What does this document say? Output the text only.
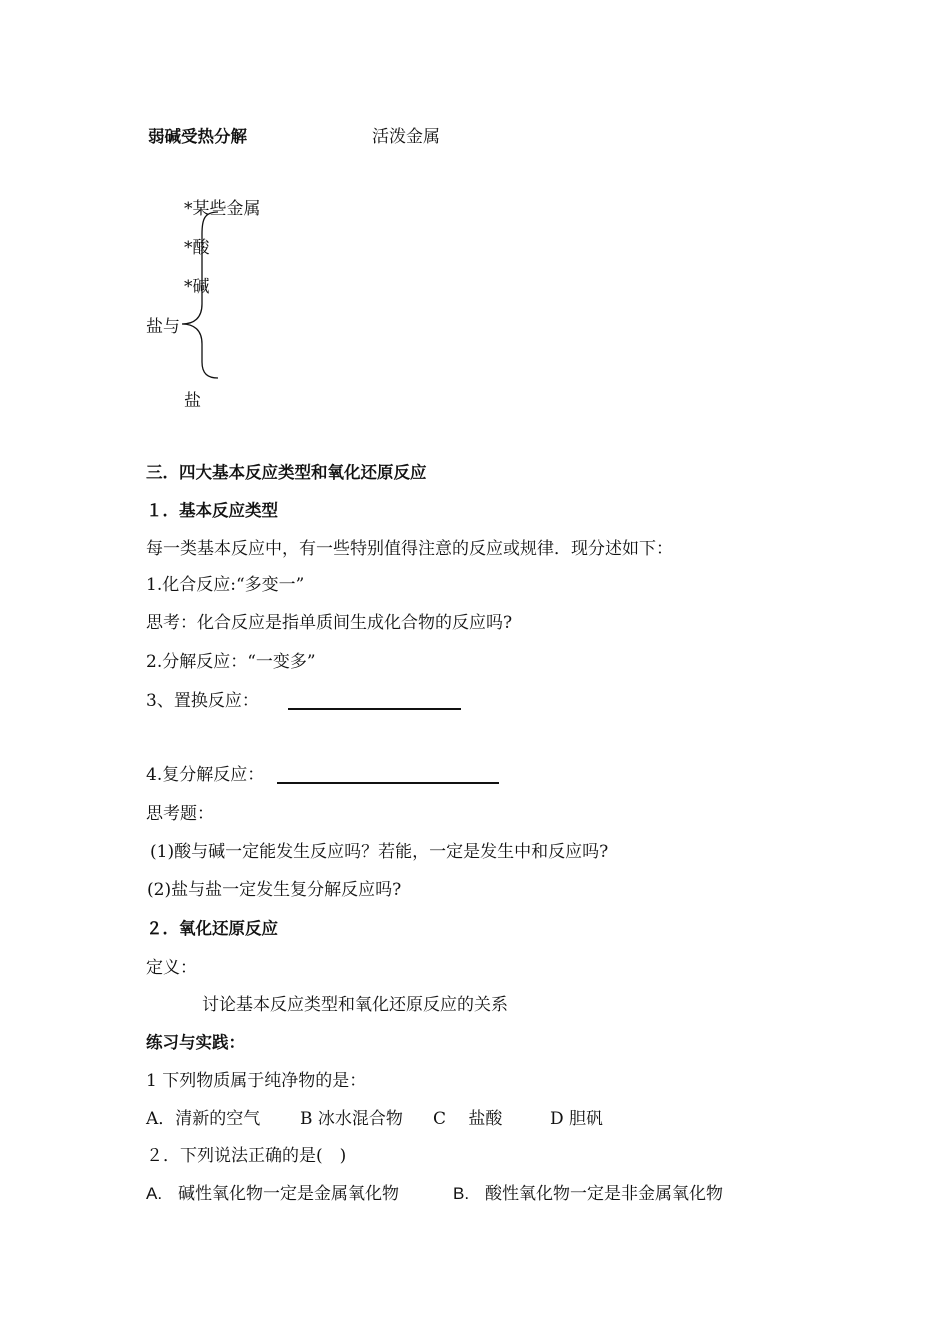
弱碱受热分解	活泼金属
*某些金属
*酸
*碱
盐与
盐
三．四大基本反应类型和氧化还原反应
１．基本反应类型
每一类基本反应中，有一些特别值得注意的反应或规律．现分述如下：
1.化合反应:“多变一”
思考：化合反应是指单质间生成化合物的反应吗?
2.分解反应：“一变多”
3、置换反应：
4.复分解反应：
思考题：
(1)酸与碱一定能发生反应吗？若能，一定是发生中和反应吗?
(2)盐与盐一定发生复分解反应吗?
２．氧化还原反应
定义：
讨论基本反应类型和氧化还原反应的关系
练习与实践：
1 下列物质属于纯净物的是：
A．清新的空气 B 冰水混合物 C　 盐酸	D 胆矾
２．下列说法正确的是(　)
A. 碱性氧化物一定是金属氧化物	B. 酸性氧化物一定是非金属氧化物
